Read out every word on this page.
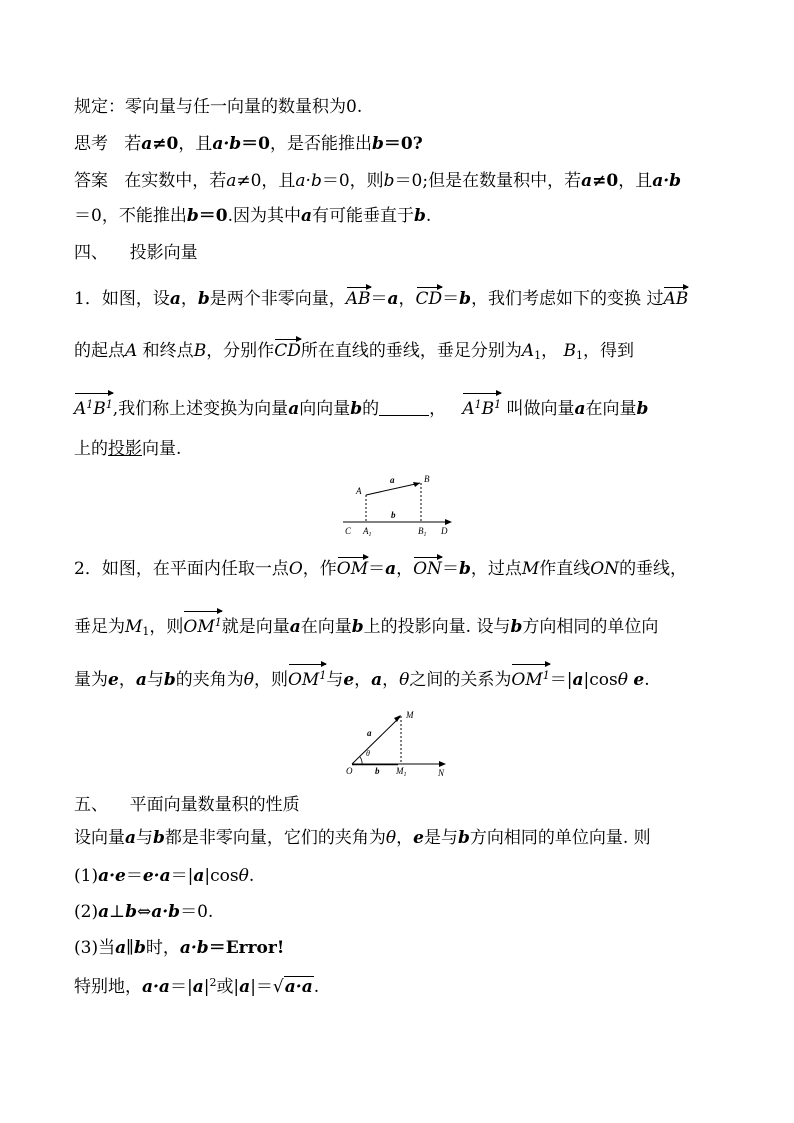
规定：零向量与任一向量的数量积为0.
思考 若a≠0，且a·b＝0，是否能推出b＝0?
答案 在实数中，若a≠0，且a·b＝0，则b＝0;但是在数量积中，若a≠0，且a·b
＝0，不能推出b＝0.因为其中a有可能垂直于b.
四、 投影向量
1．如图，设a，b是两个非零向量，AB＝a，CD＝b，我们考虑如下的变换 过AB
的起点A 和终点B，分别作CD所在直线的垂线，垂足分别为$A_1$， $B_1$，得到
$A^1B^1$,我们称上述变换为向量a向向量b的	， $A^1B^1$ 叫做向量a在向量b
上的投影向量.
A
B
a
b
C $A_1$	$B_1$ D
2．如图，在平面内任取一点O，作OM＝a，ON＝b，过点M作直线ON的垂线，
垂足为$M_1$，则$OM^1$就是向量a在向量b上的投影向量. 设与b方向相同的单位向
量为e，a与b的夹角为θ，则$OM^1$与e，a，θ之间的关系为$OM^1=|a|\cos\theta$ e.
M
a
θ
O	b $M_1$	N
五、 平面向量数量积的性质
设向量a与b都是非零向量，它们的夹角为θ，e是与b方向相同的单位向量. 则
(1)a·e＝e·a＝|a|cosθ.
(2)a⊥b⇔a·b＝0.
(3)当a∥b时，a·b＝Error!
特别地，$a\cdot a=|a|^2$或|a|＝√a·a.
